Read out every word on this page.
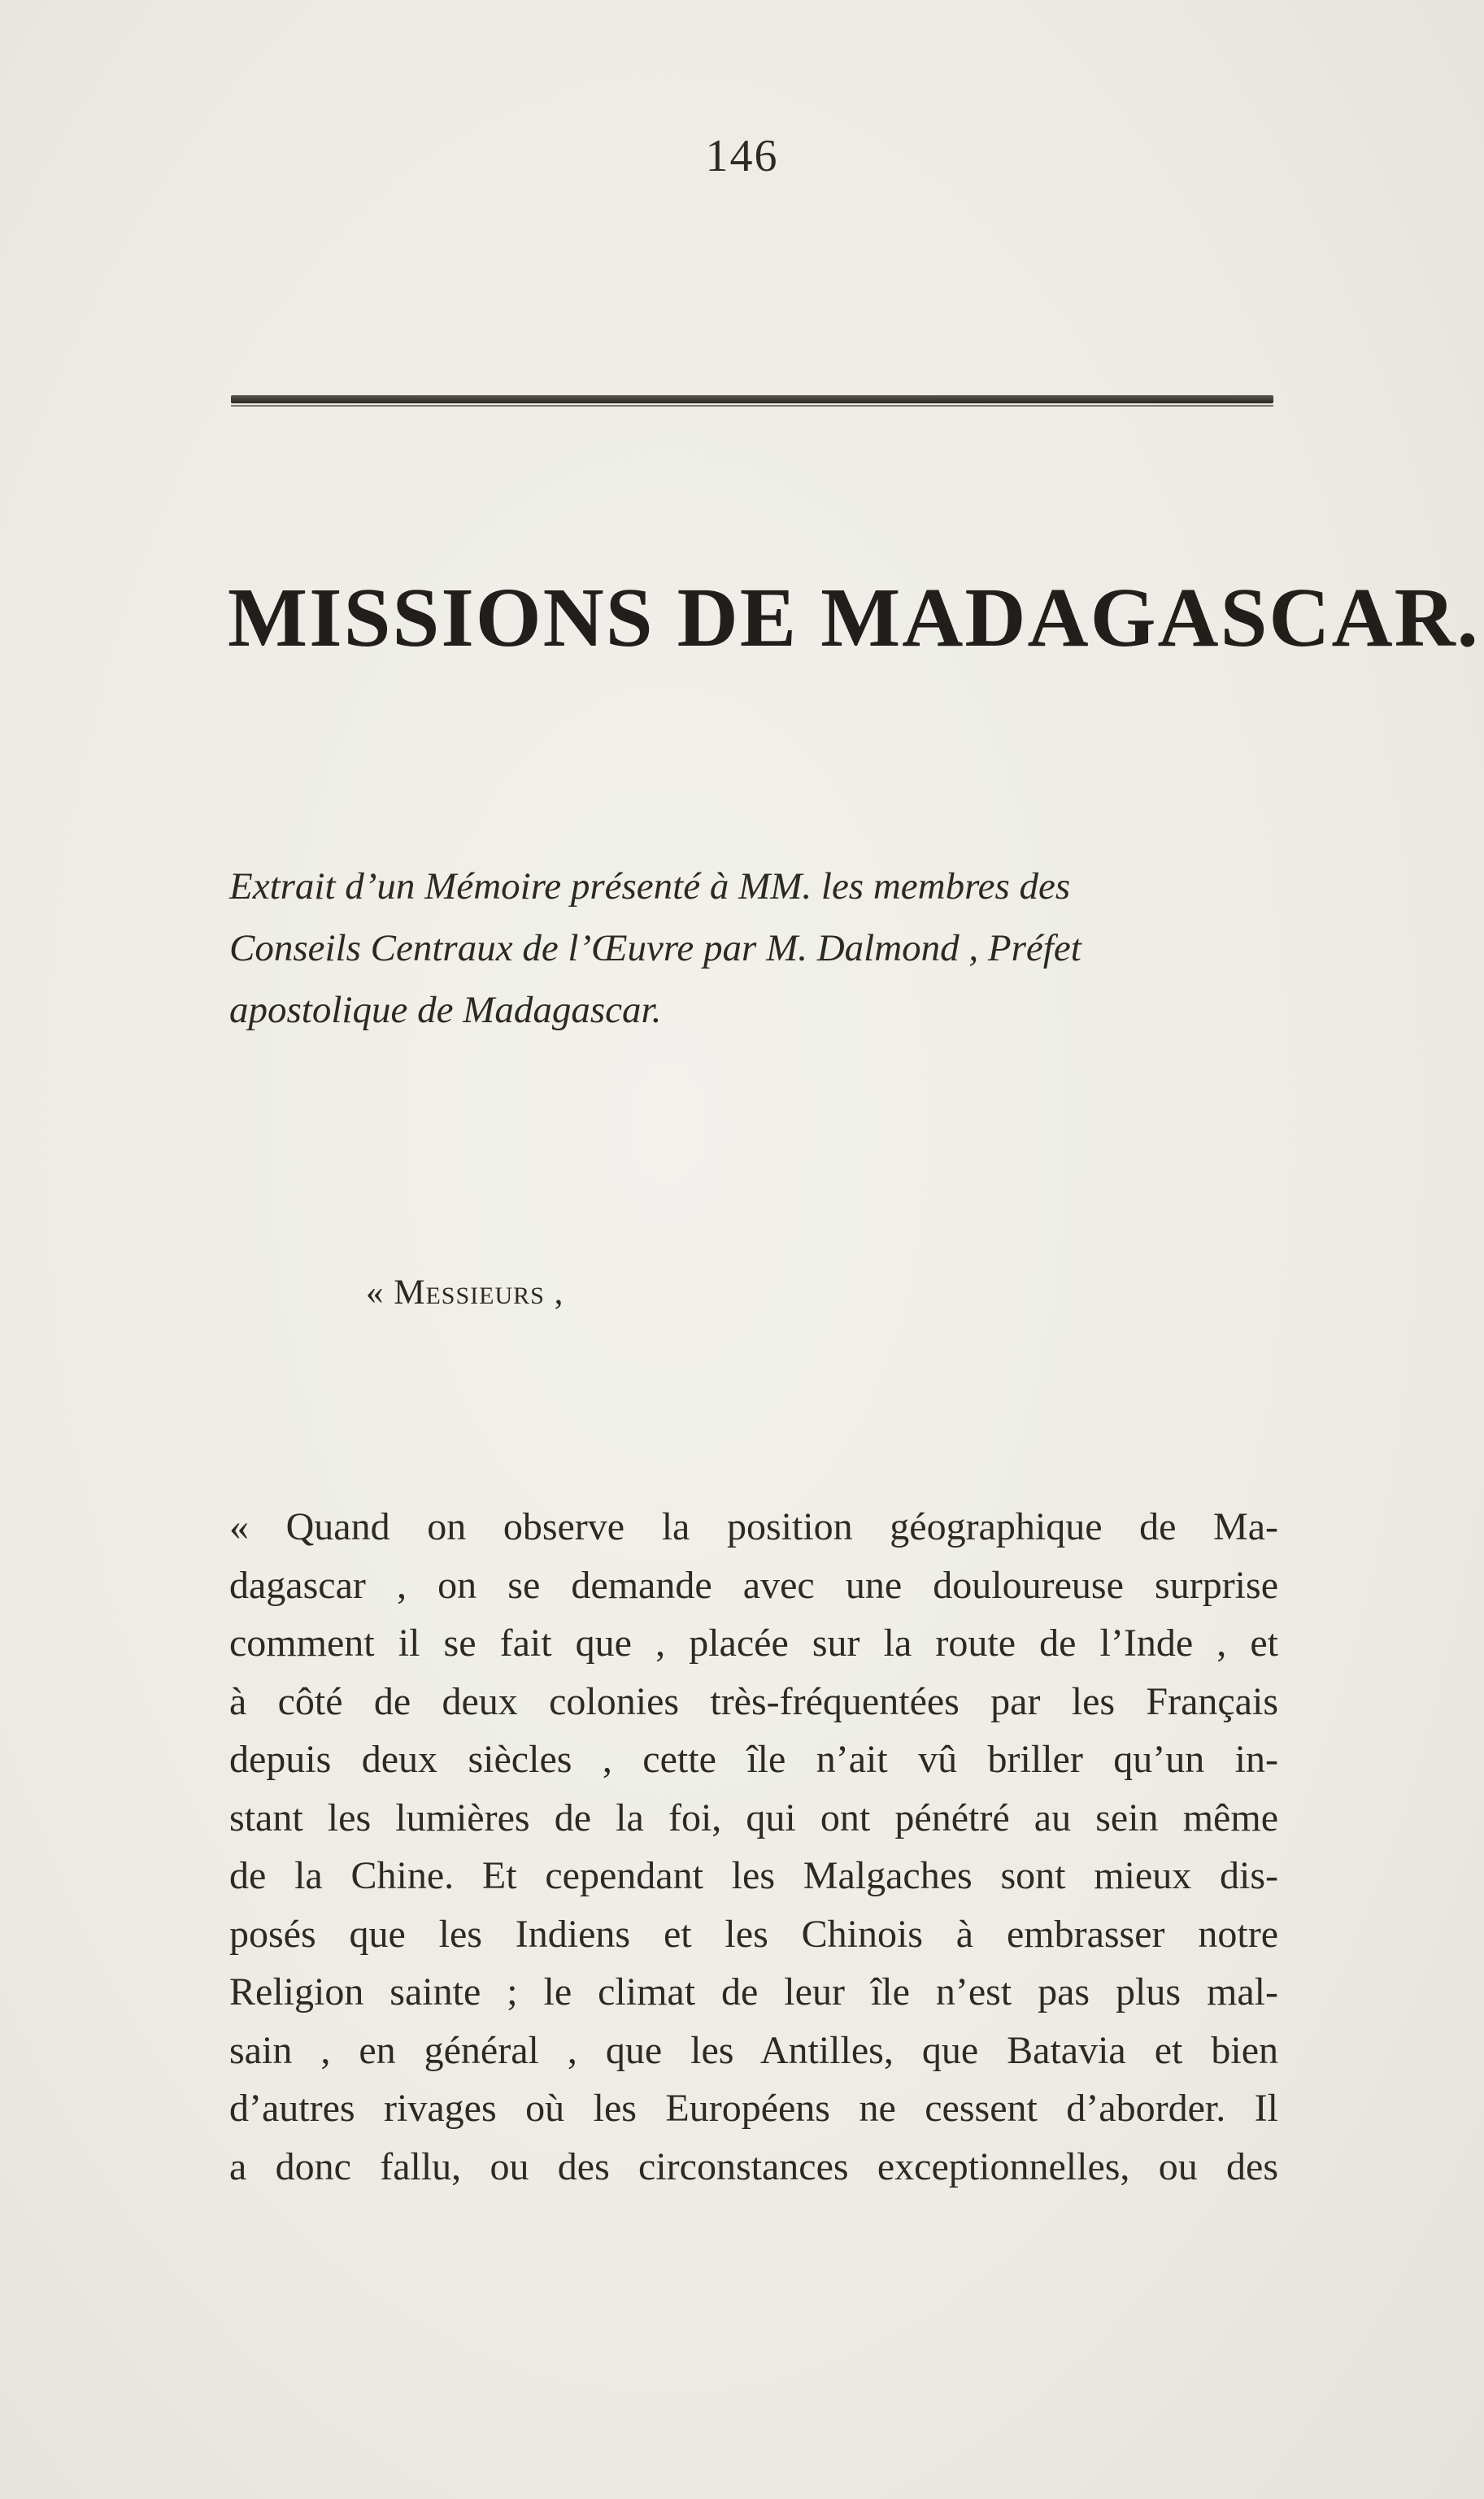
146
MISSIONS DE MADAGASCAR.
Extrait d’un Mémoire présenté à MM. les membres des
Conseils Centraux de l’Œuvre par M. Dalmond , Préfet
apostolique de Madagascar.
« Messieurs ,
« Quand on observe la position géographique de Ma-
dagascar , on se demande avec une douloureuse surprise
comment il se fait que , placée sur la route de l’Inde , et
à côté de deux colonies très-fréquentées par les Français
depuis deux siècles , cette île n’ait vû briller qu’un in-
stant les lumières de la foi, qui ont pénétré au sein même
de la Chine. Et cependant les Malgaches sont mieux dis-
posés que les Indiens et les Chinois à embrasser notre
Religion sainte ; le climat de leur île n’est pas plus mal-
sain , en général , que les Antilles, que Batavia et bien
d’autres rivages où les Européens ne cessent d’aborder. Il
a donc fallu, ou des circonstances exceptionnelles, ou des
